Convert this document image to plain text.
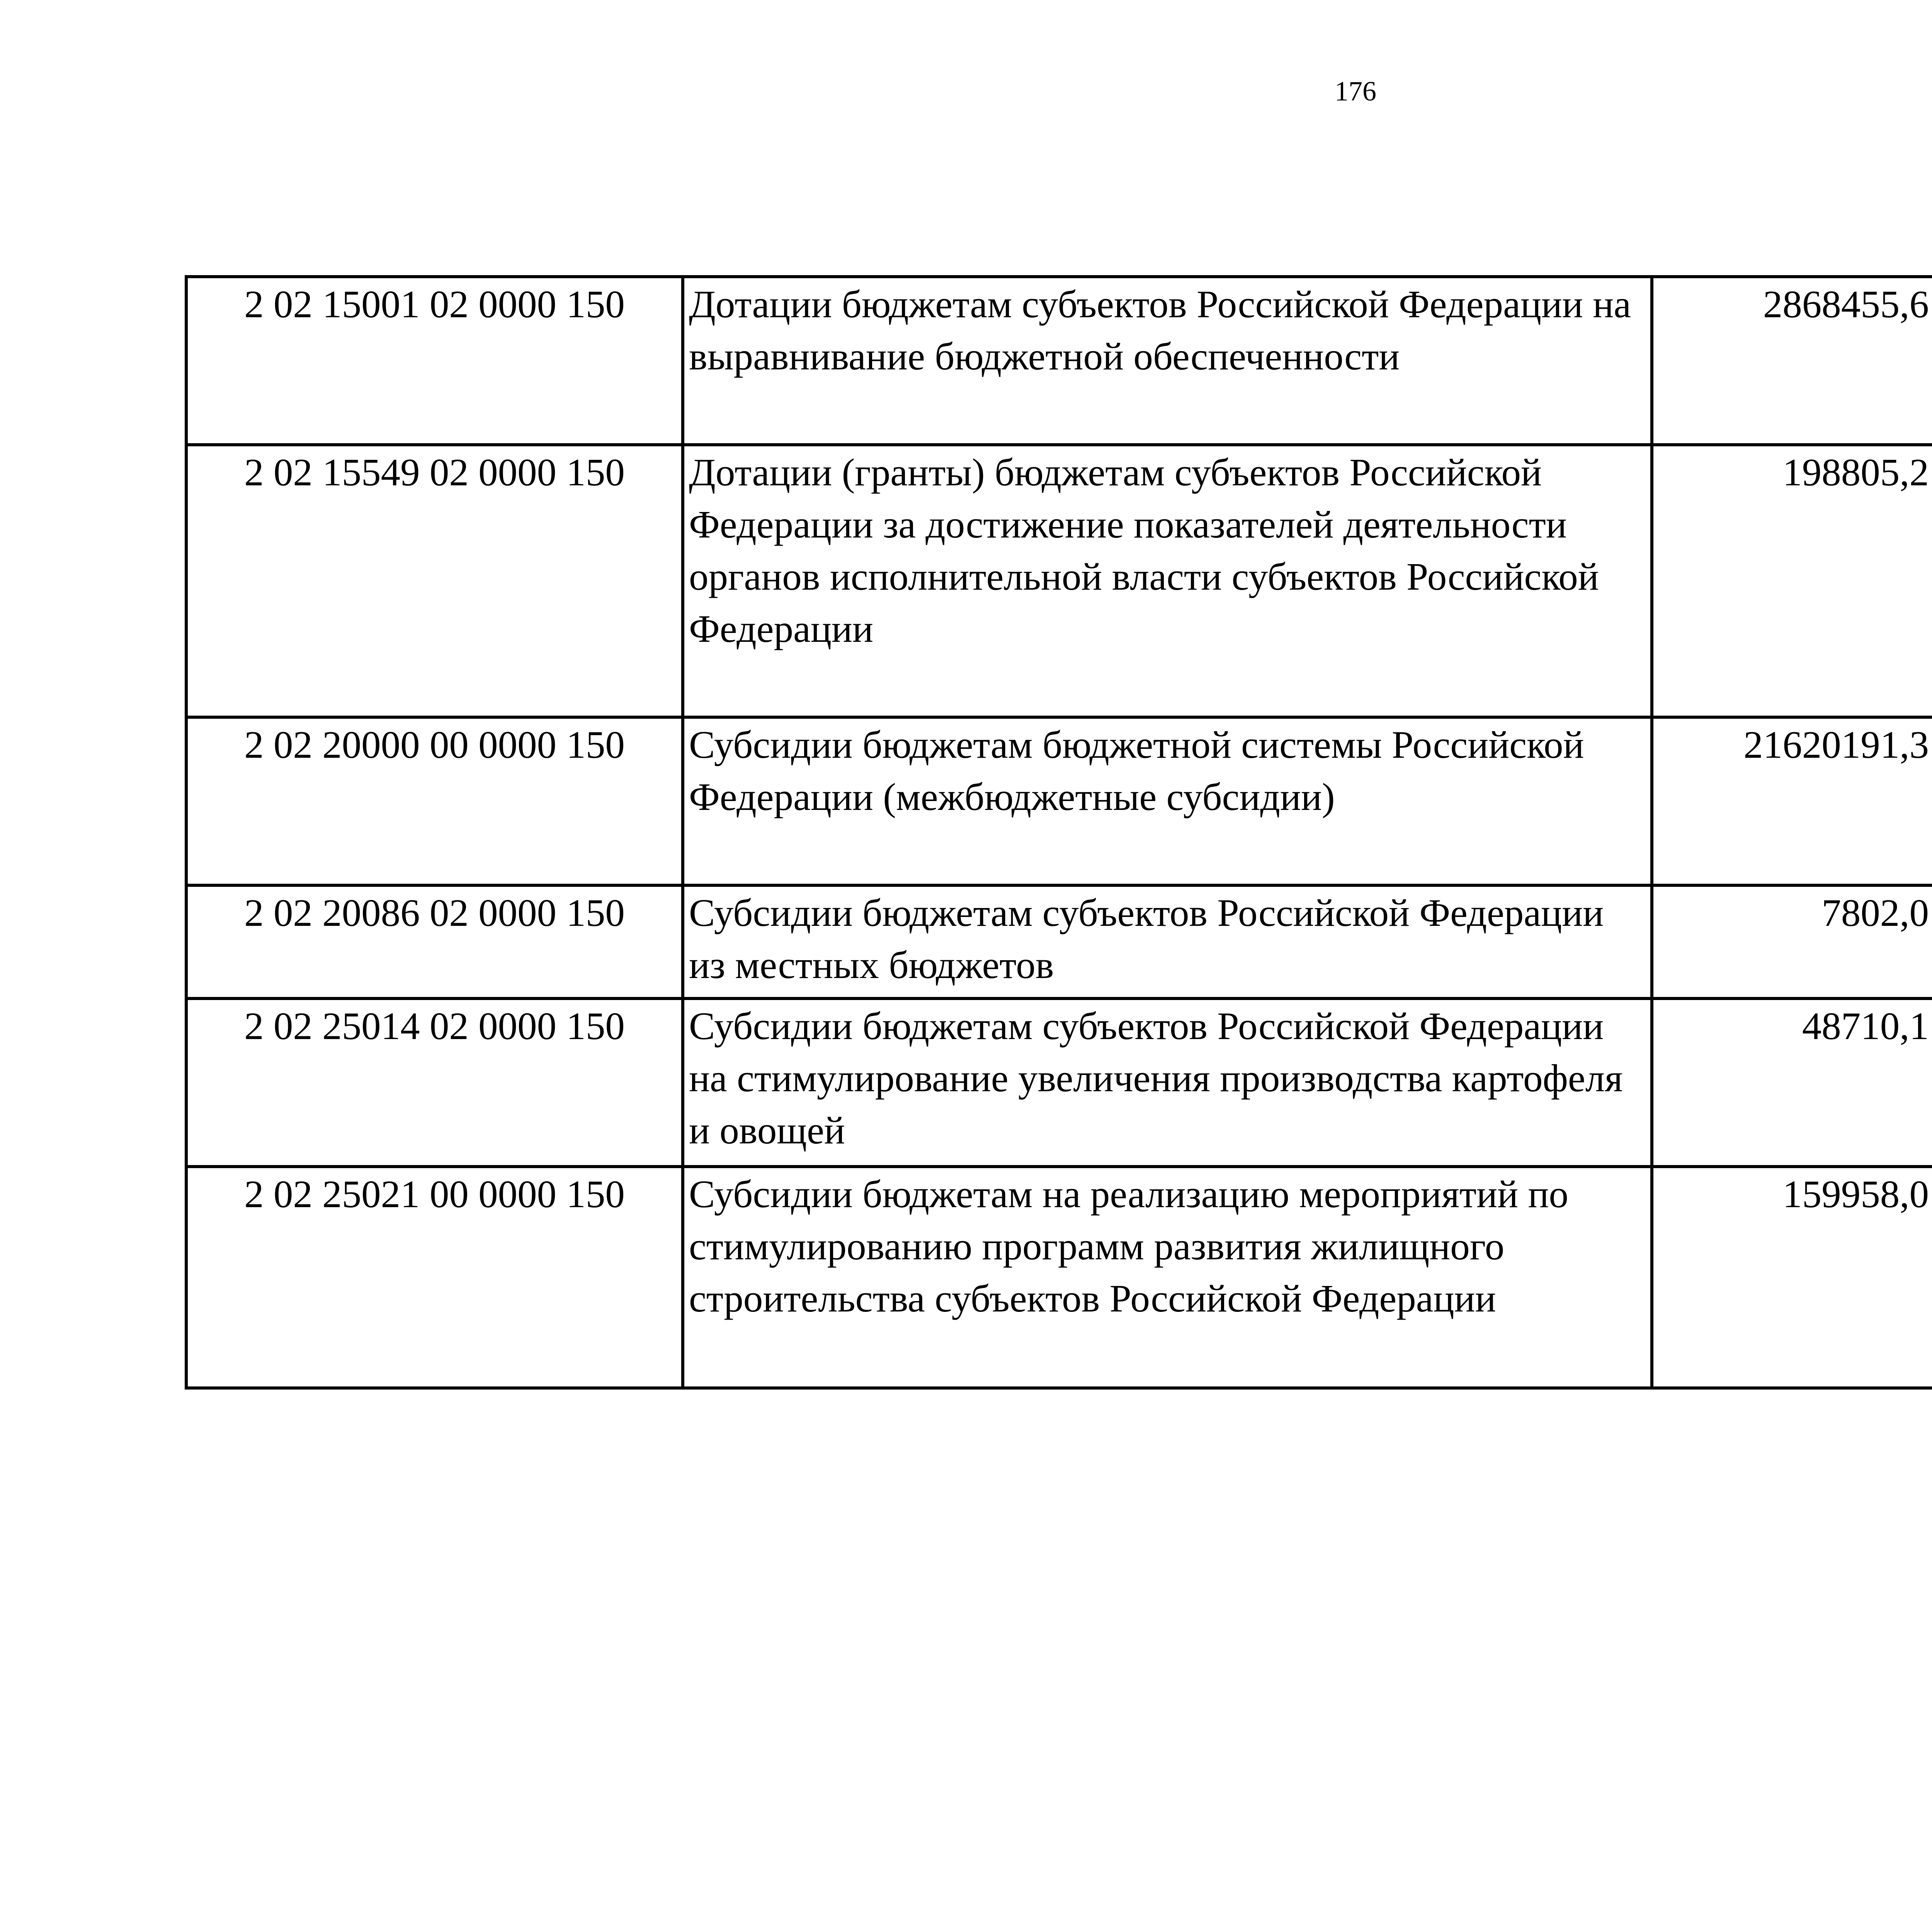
176
2 02 15001 02 0000 150	Дотации бюджетам субъектов Российской Федерации на выравнивание бюджетной обеспеченности	2868455,6		
2 02 15549 02 0000 150	Дотации (гранты) бюджетам субъектов Российской Федерации за достижение показателей деятельности органов исполнительной власти субъектов Российской Федерации	198805,2		
2 02 20000 00 0000 150	Субсидии бюджетам бюджетной системы Российской Федерации (межбюджетные субсидии)	21620191,3		
2 02 20086 02 0000 150	Субсидии бюджетам субъектов Российской Федерации из местных бюджетов	7802,0		
2 02 25014 02 0000 150	Субсидии бюджетам субъектов Российской Федерации на стимулирование увеличения производства картофеля и овощей	48710,1		
2 02 25021 00 0000 150	Субсидии бюджетам на реализацию мероприятий по стимулированию программ развития жилищного строительства субъектов Российской Федерации	159958,0		
